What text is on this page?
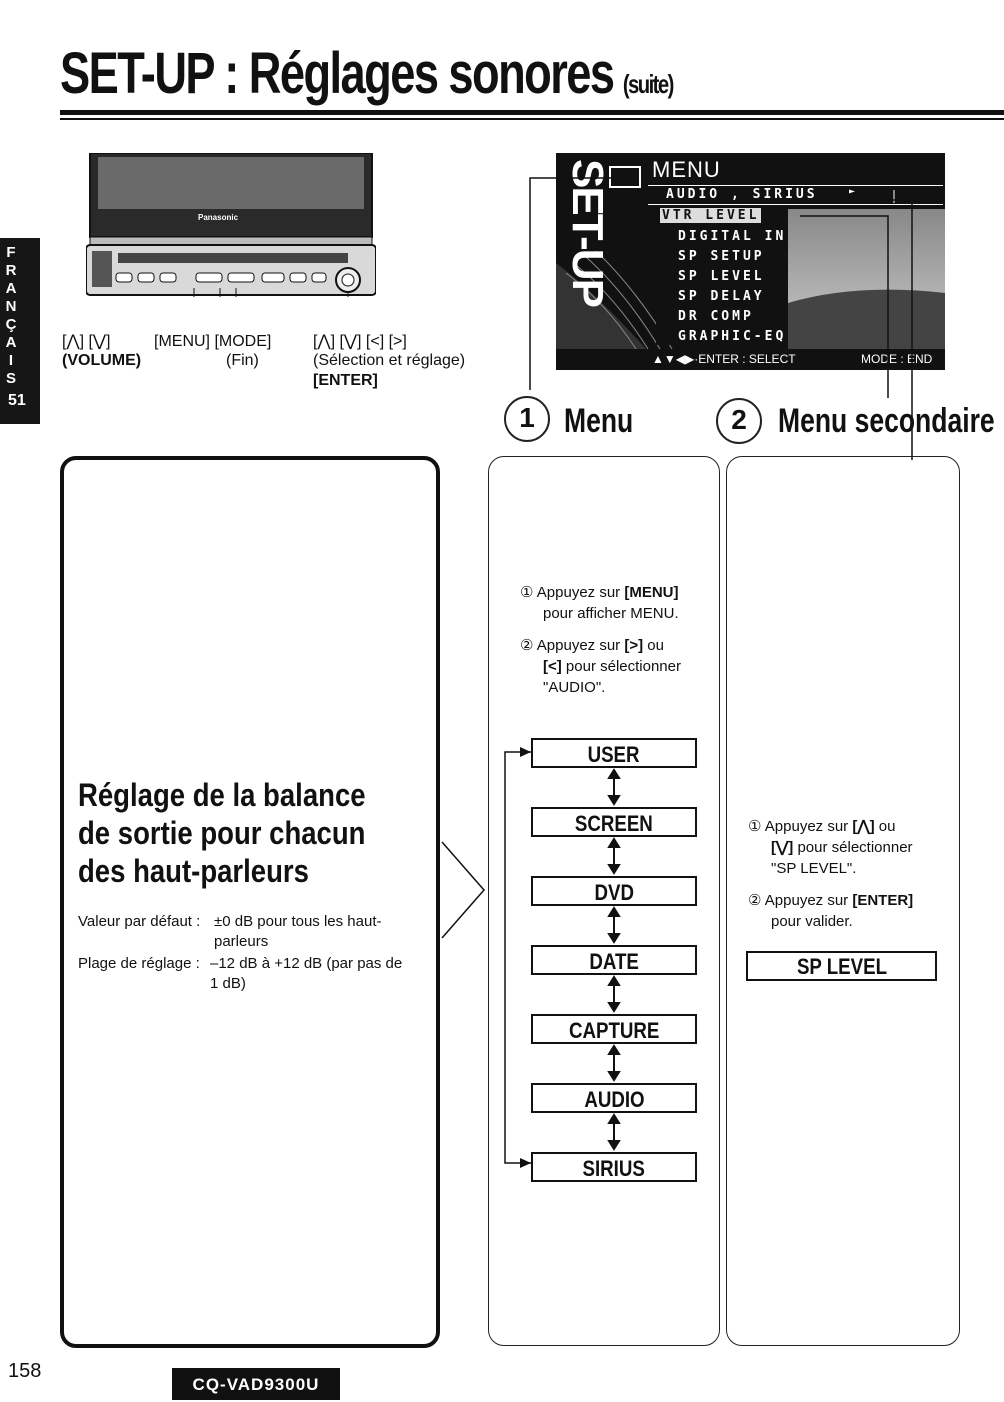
SET-UP : Réglages sonores (suite)
F
R
A
N
Ç
A
I
S
51
Panasonic
[⋀] [⋁]
(VOLUME)
[MENU] [MODE]
(Fin)
[⋀] [⋁] [<] [>]
(Sélection et réglage)
[ENTER]
SET-UP MENU
AUDIO , SIRIUS	►
VTR LEVEL
DIGITAL IN
SP SETUP
SP LEVEL
SP DELAY
DR COMP
GRAPHIC-EQ
▲▼◀▶·ENTER : SELECT	MODE : END
1 Menu	2 Menu secondaire
Réglage de la balance de sortie pour chacun des haut-parleurs
Valeur par défaut : ±0 dB pour tous les haut-
parleurs
Plage de réglage : –12 dB à +12 dB (par pas de
1 dB)
① Appuyez sur [MENU]
pour afficher MENU.
② Appuyez sur [>] ou
[<] pour sélectionner
"AUDIO".
USER
SCREEN
DVD
DATE
CAPTURE
AUDIO
SIRIUS
① Appuyez sur [⋀] ou
[⋁] pour sélectionner
"SP LEVEL".
② Appuyez sur [ENTER]
pour valider.
SP LEVEL
158
CQ-VAD9300U
